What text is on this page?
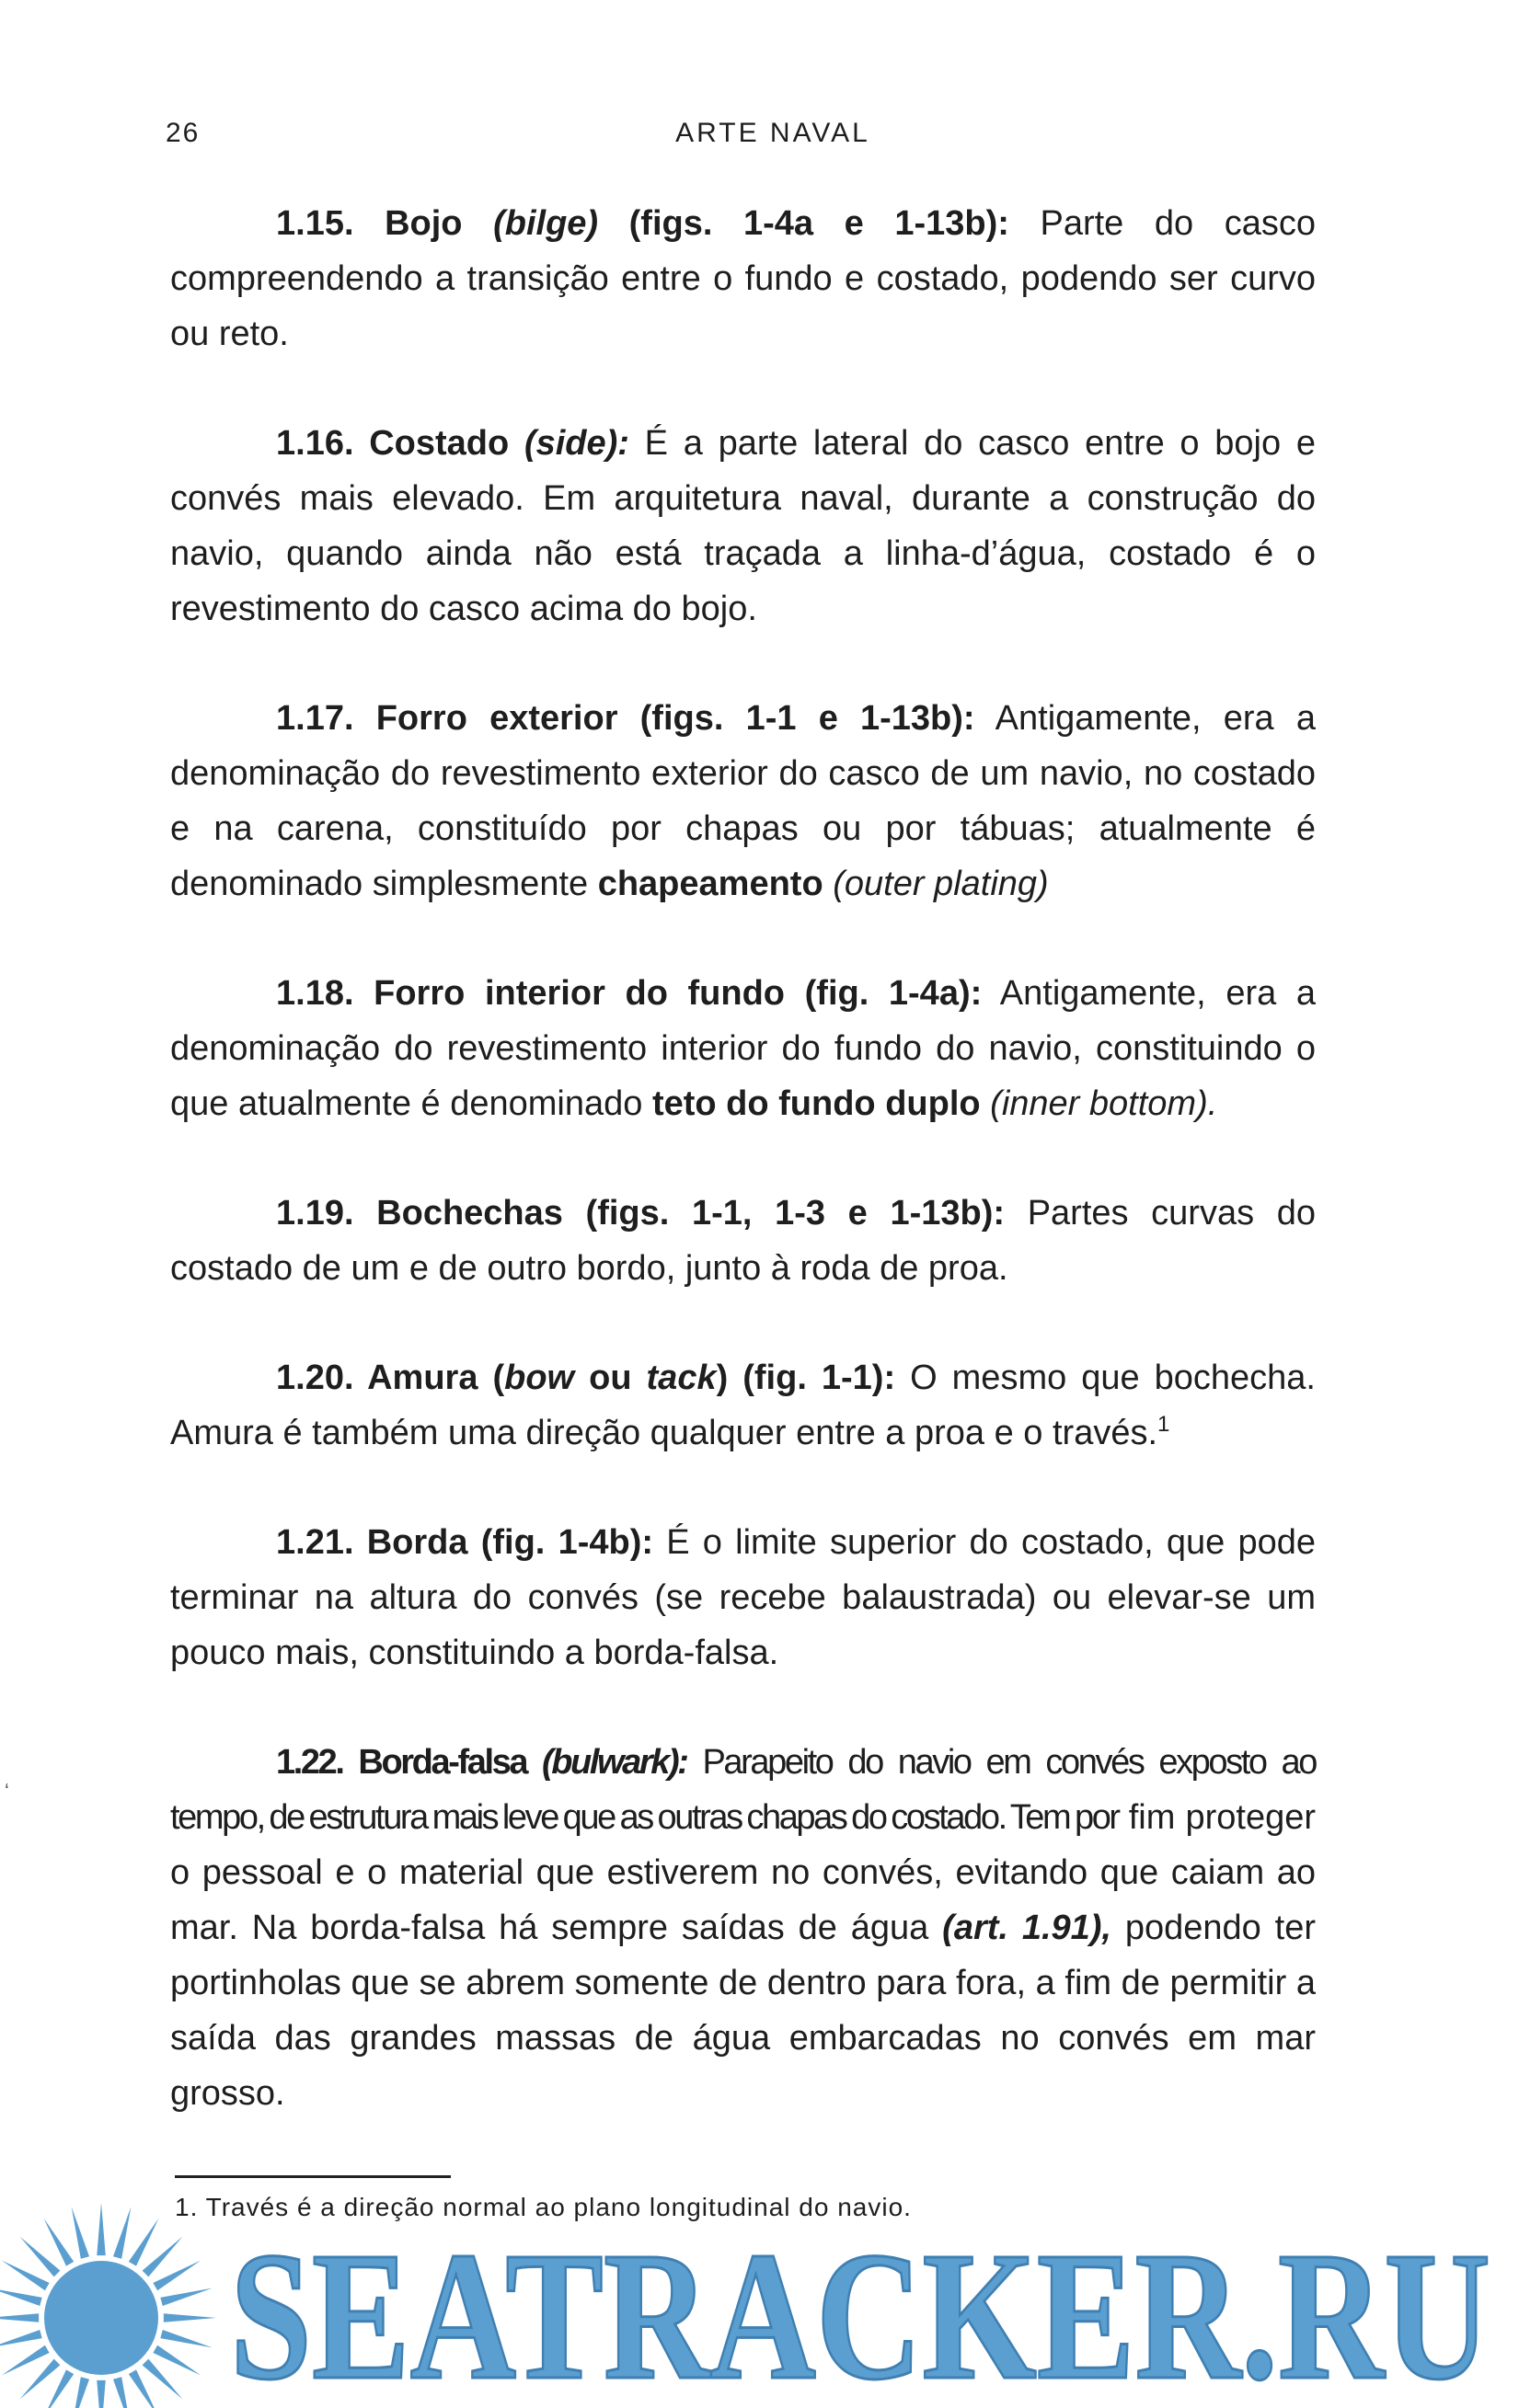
26	ARTE NAVAL

1.15. Bojo (bilge) (figs. 1-4a e 1-13b): Parte do casco compreendendo a transição entre o fundo e costado, podendo ser curvo ou reto.

1.16. Costado (side): É a parte lateral do casco entre o bojo e convés mais elevado. Em arquitetura naval, durante a construção do navio, quando ainda não está traçada a linha-d’água, costado é o revestimento do casco acima do bojo.

1.17. Forro exterior (figs. 1-1 e 1-13b): Antigamente, era a denominação do revestimento exterior do casco de um navio, no costado e na carena, constituído por chapas ou por tábuas; atualmente é denominado simplesmente chapeamento (outer plating)

1.18. Forro interior do fundo (fig. 1-4a): Antigamente, era a denominação do revestimento interior do fundo do navio, constituindo o que atualmente é denominado teto do fundo duplo (inner bottom).

1.19. Bochechas (figs. 1-1, 1-3 e 1-13b): Partes curvas do costado de um e de outro bordo, junto à roda de proa.

1.20. Amura (bow ou tack) (fig. 1-1): O mesmo que bochecha. Amura é também uma direção qualquer entre a proa e o través.$^1$

1.21. Borda (fig. 1-4b): É o limite superior do costado, que pode terminar na altura do convés (se recebe balaustrada) ou elevar-se um pouco mais, constituindo a borda-falsa.

1.22. Borda-falsa (bulwark): Parapeito do navio em convés exposto ao tempo, de estrutura mais leve que as outras chapas do costado. Tem por fim proteger o pessoal e o material que estiverem no convés, evitando que caiam ao mar. Na borda-falsa há sempre saídas de água (art. 1.91), podendo ter portinholas que se abrem somente de dentro para fora, a fim de permitir a saída das grandes massas de água embarcadas no convés em mar grosso.

ʻ
1. Través é a direção normal ao plano longitudinal do navio.
SEATRACKER.RU
